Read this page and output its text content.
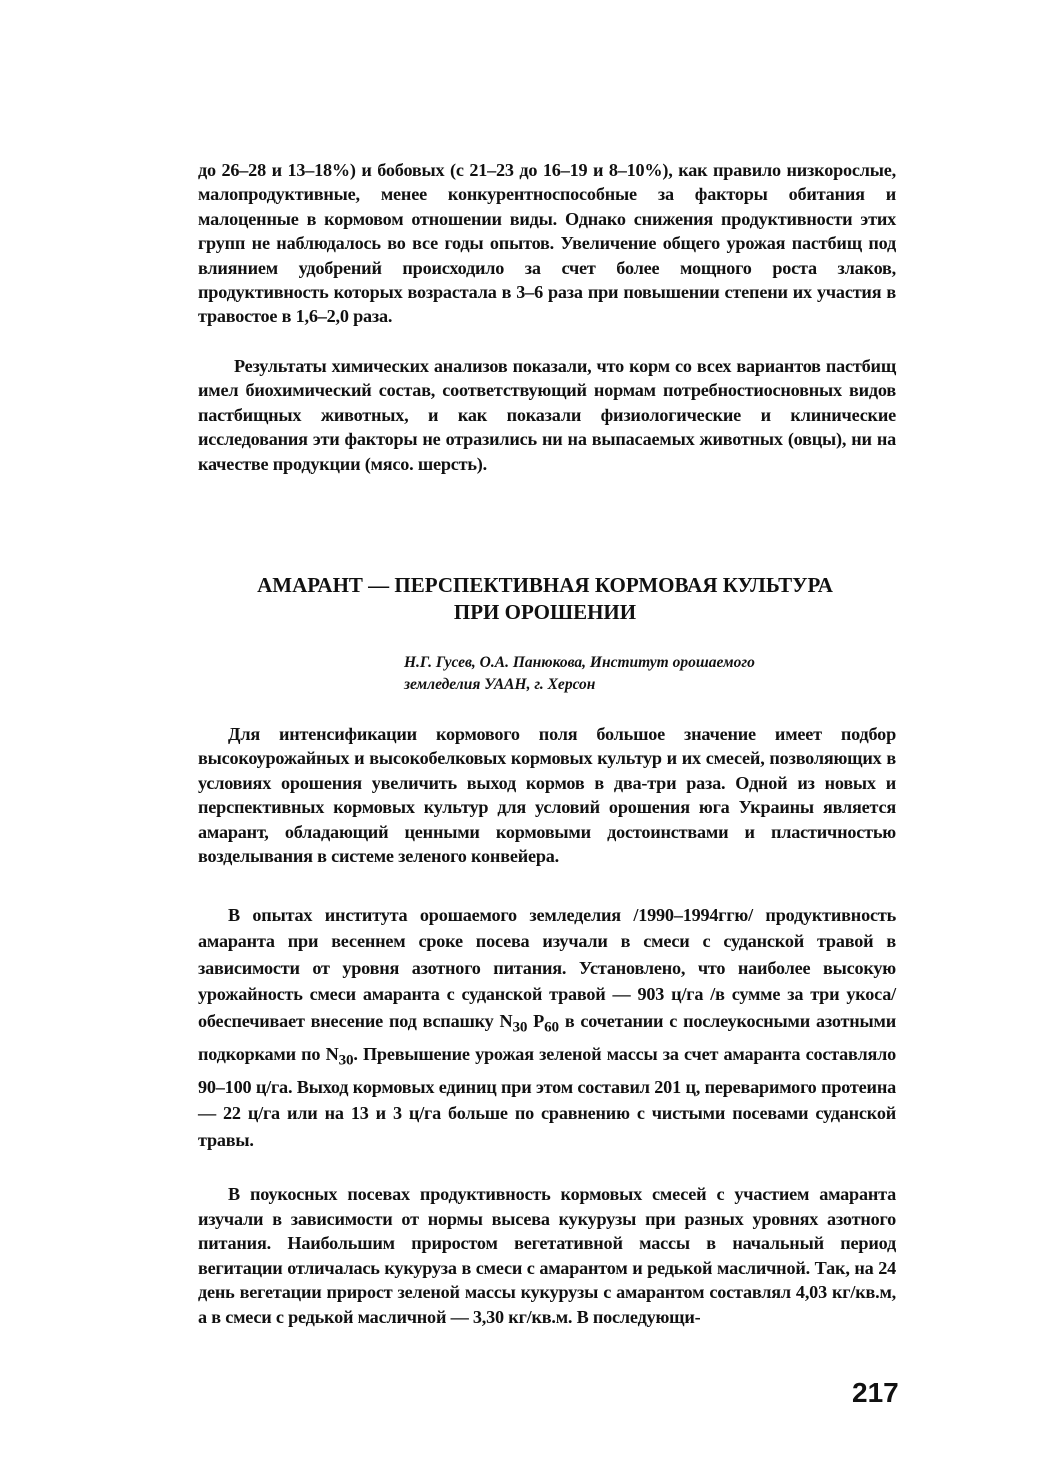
до 26–28 и 13–18%) и бобовых (с 21–23 до 16–19 и 8–10%), как правило низкорослые, малопродуктивные, менее конкурентноспособные за факторы обитания и малоценные в кормовом отношении виды. Однако снижения продуктивности этих групп не наблюдалось во все годы опытов. Увеличение общего урожая пастбищ под влиянием удобрений происходило за счет более мощного роста злаков, продуктивность которых возрастала в 3–6 раза при повышении степени их участия в травостое в 1,6–2,0 раза.
Результаты химических анализов показали, что корм со всех вариантов пастбищ имел биохимический состав, соответствующий нормам потребностиосновных видов пастбищных животных, и как показали физиологические и клинические исследования эти факторы не отразились ни на выпасаемых животных (овцы), ни на качестве продукции (мясо. шерсть).
АМАРАНТ — ПЕРСПЕКТИВНАЯ КОРМОВАЯ КУЛЬТУРА
ПРИ ОРОШЕНИИ
Н.Г. Гусев, О.А. Панюкова, Институт орошаемого
земледелия УААН, г. Херсон
Для интенсификации кормового поля большое значение имеет подбор высокоурожайных и высокобелковых кормовых культур и их смесей, позволяющих в условиях орошения увеличить выход кормов в два-три раза. Одной из новых и перспективных кормовых культур для условий орошения юга Украины является амарант, обладающий ценными кормовыми достоинствами и пластичностью возделывания в системе зеленого конвейера.
В опытах института орошаемого земледелия /1990–1994ггю/ продуктивность амаранта при весеннем сроке посева изучали в смеси с суданской травой в зависимости от уровня азотного питания. Установлено, что наиболее высокую урожайность смеси амаранта с суданской травой — 903 ц/га /в сумме за три укоса/ обеспечивает внесение под вспашку $N_{30}$ $P_{60}$ в сочетании с послеукосными азотными подкорками по $N_{30}$. Превышение урожая зеленой массы за счет амаранта составляло 90–100 ц/га. Выход кормовых единиц при этом составил 201 ц, переваримого протеина — 22 ц/га или на 13 и 3 ц/га больше по сравнению с чистыми посевами суданской травы.
В поукосных посевах продуктивность кормовых смесей с участием амаранта изучали в зависимости от нормы высева кукурузы при разных уровнях азотного питания. Наибольшим приростом вегетативной массы в начальный период вегитации отличалась кукуруза в смеси с амарантом и редькой масличной. Так, на 24 день вегетации прирост зеленой массы кукурузы с амарантом составлял 4,03 кг/кв.м, а в смеси с редькой масличной — 3,30 кг/кв.м. В последующи-
217
